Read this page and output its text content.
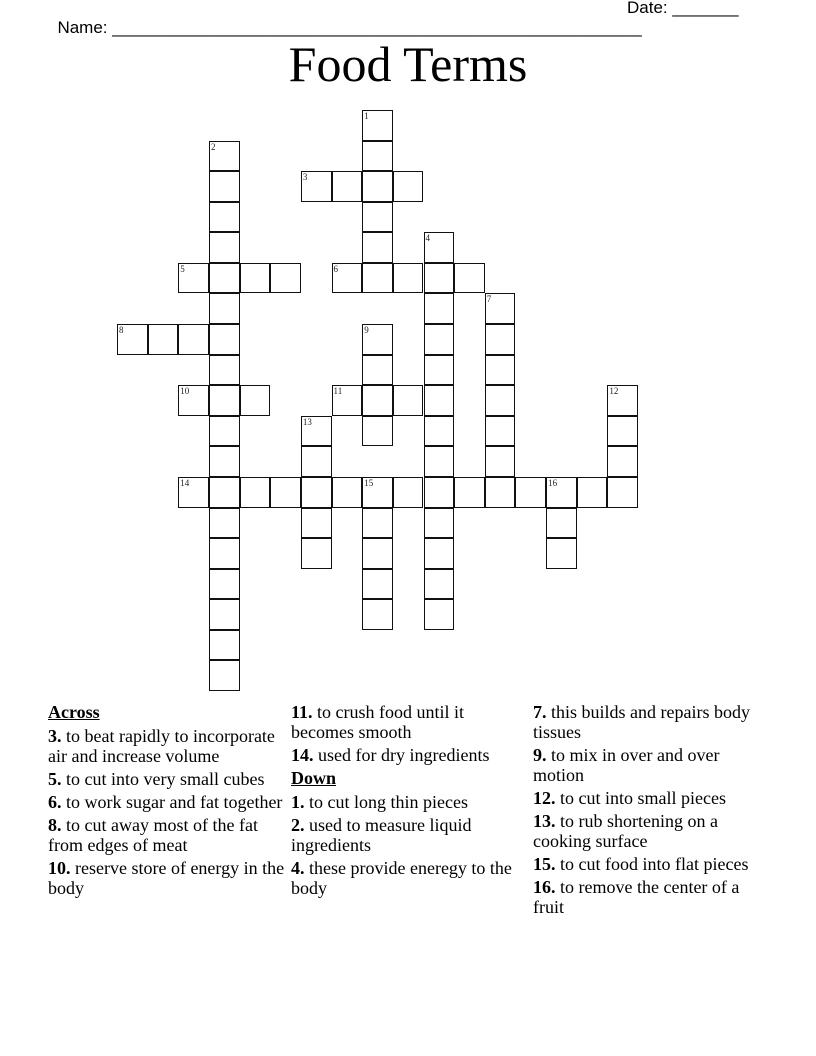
Name: ________________________________________________________

Date: _______

Food Terms
1
2
3
4
5	6
7
8	9
10	11	12
13
14	15	16
Across
3. to beat rapidly to incorporate air and increase volume
5. to cut into very small cubes
6. to work sugar and fat together
8. to cut away most of the fat from edges of meat
10. reserve store of energy in the body
11. to crush food until it becomes smooth
14. used for dry ingredients
Down
1. to cut long thin pieces
2. used to measure liquid ingredients
4. these provide eneregy to the body
7. this builds and repairs body tissues
9. to mix in over and over motion
12. to cut into small pieces
13. to rub shortening on a cooking surface
15. to cut food into flat pieces
16. to remove the center of a fruit
